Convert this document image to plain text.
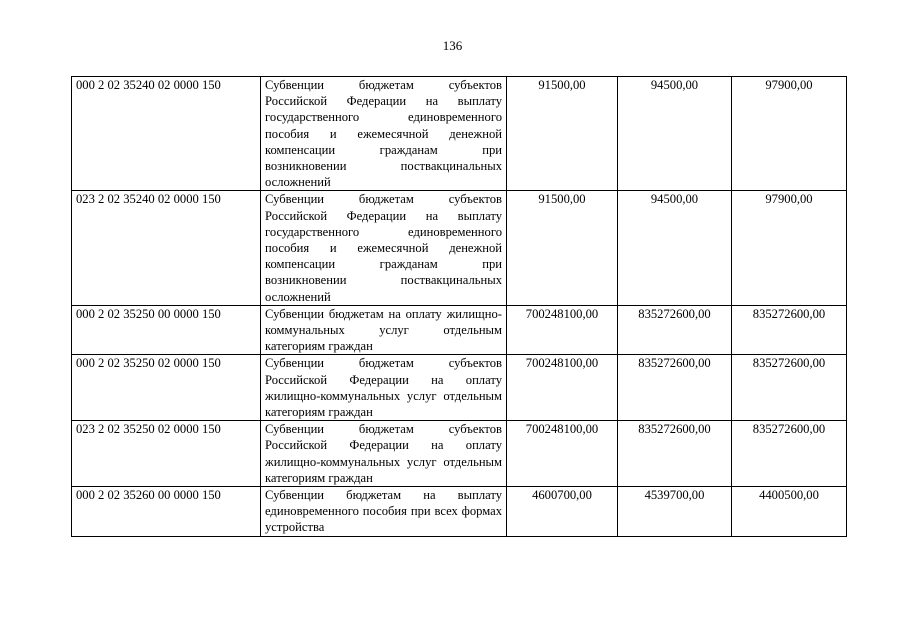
136
000 2 02 35240 02 0000 150	Субвенции бюджетам субъектов Российской Федерации на выплату государственного единовременного пособия и ежемесячной денежной компенсации гражданам при возникновении поствакцинальных осложнений	91500,00	94500,00	97900,00
023 2 02 35240 02 0000 150	Субвенции бюджетам субъектов Российской Федерации на выплату государственного единовременного пособия и ежемесячной денежной компенсации гражданам при возникновении поствакцинальных осложнений	91500,00	94500,00	97900,00
000 2 02 35250 00 0000 150	Субвенции бюджетам на оплату жилищно-коммунальных услуг отдельным категориям граждан	700248100,00	835272600,00	835272600,00
000 2 02 35250 02 0000 150	Субвенции бюджетам субъектов Российской Федерации на оплату жилищно-коммунальных услуг отдельным категориям граждан	700248100,00	835272600,00	835272600,00
023 2 02 35250 02 0000 150	Субвенции бюджетам субъектов Российской Федерации на оплату жилищно-коммунальных услуг отдельным категориям граждан	700248100,00	835272600,00	835272600,00
000 2 02 35260 00 0000 150	Субвенции бюджетам на выплату единовременного пособия при всех формах устройства	4600700,00	4539700,00	4400500,00
